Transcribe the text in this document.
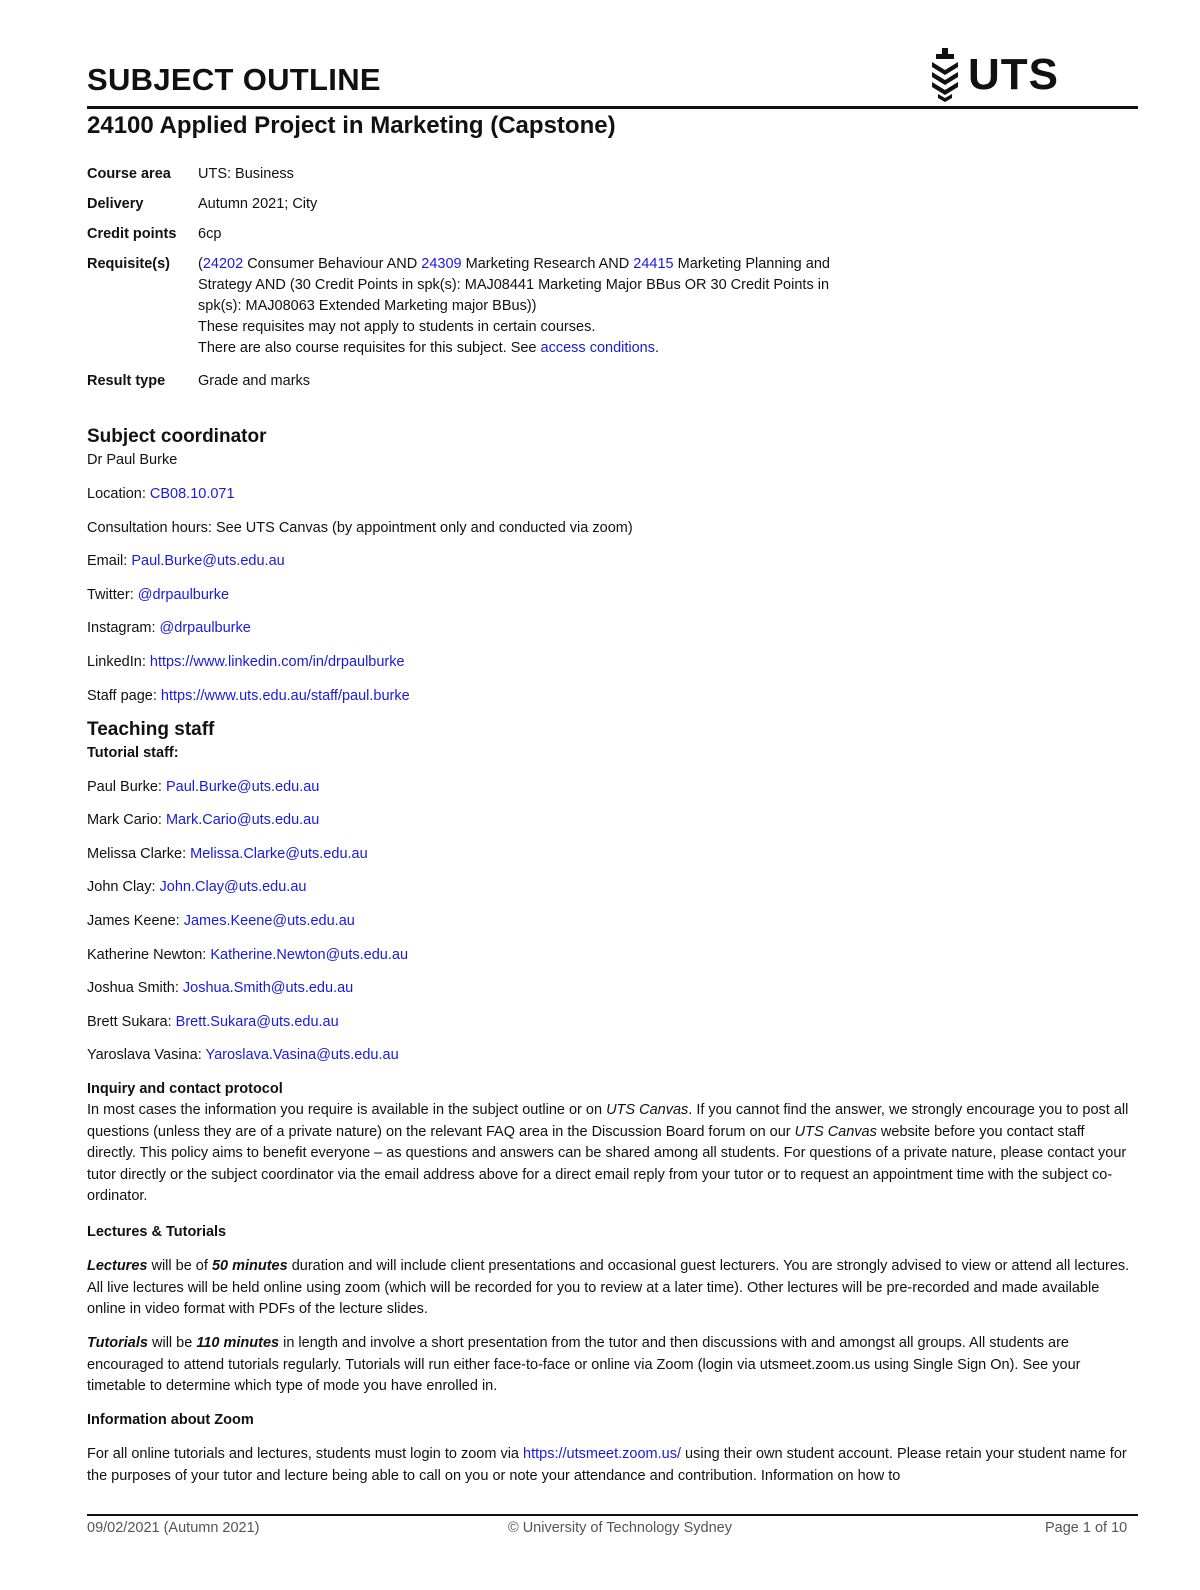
SUBJECT OUTLINE	UTS
24100 Applied Project in Marketing (Capstone)
Course area	UTS: Business
Delivery	Autumn 2021; City
Credit points	6cp
Requisite(s)	(24202 Consumer Behaviour AND 24309 Marketing Research AND 24415 Marketing Planning and
Strategy AND (30 Credit Points in spk(s): MAJ08441 Marketing Major BBus OR 30 Credit Points in
spk(s): MAJ08063 Extended Marketing major BBus))
These requisites may not apply to students in certain courses.
There are also course requisites for this subject. See access conditions.
Result type	Grade and marks
Subject coordinator
Dr Paul Burke
Location: CB08.10.071
Consultation hours: See UTS Canvas (by appointment only and conducted via zoom)
Email: Paul.Burke@uts.edu.au
Twitter: @drpaulburke
Instagram: @drpaulburke
LinkedIn: https://www.linkedin.com/in/drpaulburke
Staff page: https://www.uts.edu.au/staff/paul.burke
Teaching staff
Tutorial staff:
Paul Burke: Paul.Burke@uts.edu.au
Mark Cario: Mark.Cario@uts.edu.au
Melissa Clarke: Melissa.Clarke@uts.edu.au
John Clay: John.Clay@uts.edu.au
James Keene: James.Keene@uts.edu.au
Katherine Newton: Katherine.Newton@uts.edu.au
Joshua Smith: Joshua.Smith@uts.edu.au
Brett Sukara: Brett.Sukara@uts.edu.au
Yaroslava Vasina: Yaroslava.Vasina@uts.edu.au
Inquiry and contact protocol
In most cases the information you require is available in the subject outline or on UTS Canvas. If you cannot find the answer, we strongly encourage you to post all questions (unless they are of a private nature) on the relevant FAQ area in the Discussion Board forum on our UTS Canvas website before you contact staff directly. This policy aims to benefit everyone – as questions and answers can be shared among all students. For questions of a private nature, please contact your tutor directly or the subject coordinator via the email address above for a direct email reply from your tutor or to request an appointment time with the subject co-ordinator.
Lectures & Tutorials
Lectures will be of 50 minutes duration and will include client presentations and occasional guest lecturers. You are strongly advised to view or attend all lectures. All live lectures will be held online using zoom (which will be recorded for you to review at a later time). Other lectures will be pre-recorded and made available online in video format with PDFs of the lecture slides.
Tutorials will be 110 minutes in length and involve a short presentation from the tutor and then discussions with and amongst all groups. All students are encouraged to attend tutorials regularly. Tutorials will run either face-to-face or online via Zoom (login via utsmeet.zoom.us using Single Sign On). See your timetable to determine which type of mode you have enrolled in.
Information about Zoom
For all online tutorials and lectures, students must login to zoom via https://utsmeet.zoom.us/ using their own student account. Please retain your student name for the purposes of your tutor and lecture being able to call on you or note your attendance and contribution. Information on how to
09/02/2021 (Autumn 2021)	© University of Technology Sydney	Page 1 of 10
